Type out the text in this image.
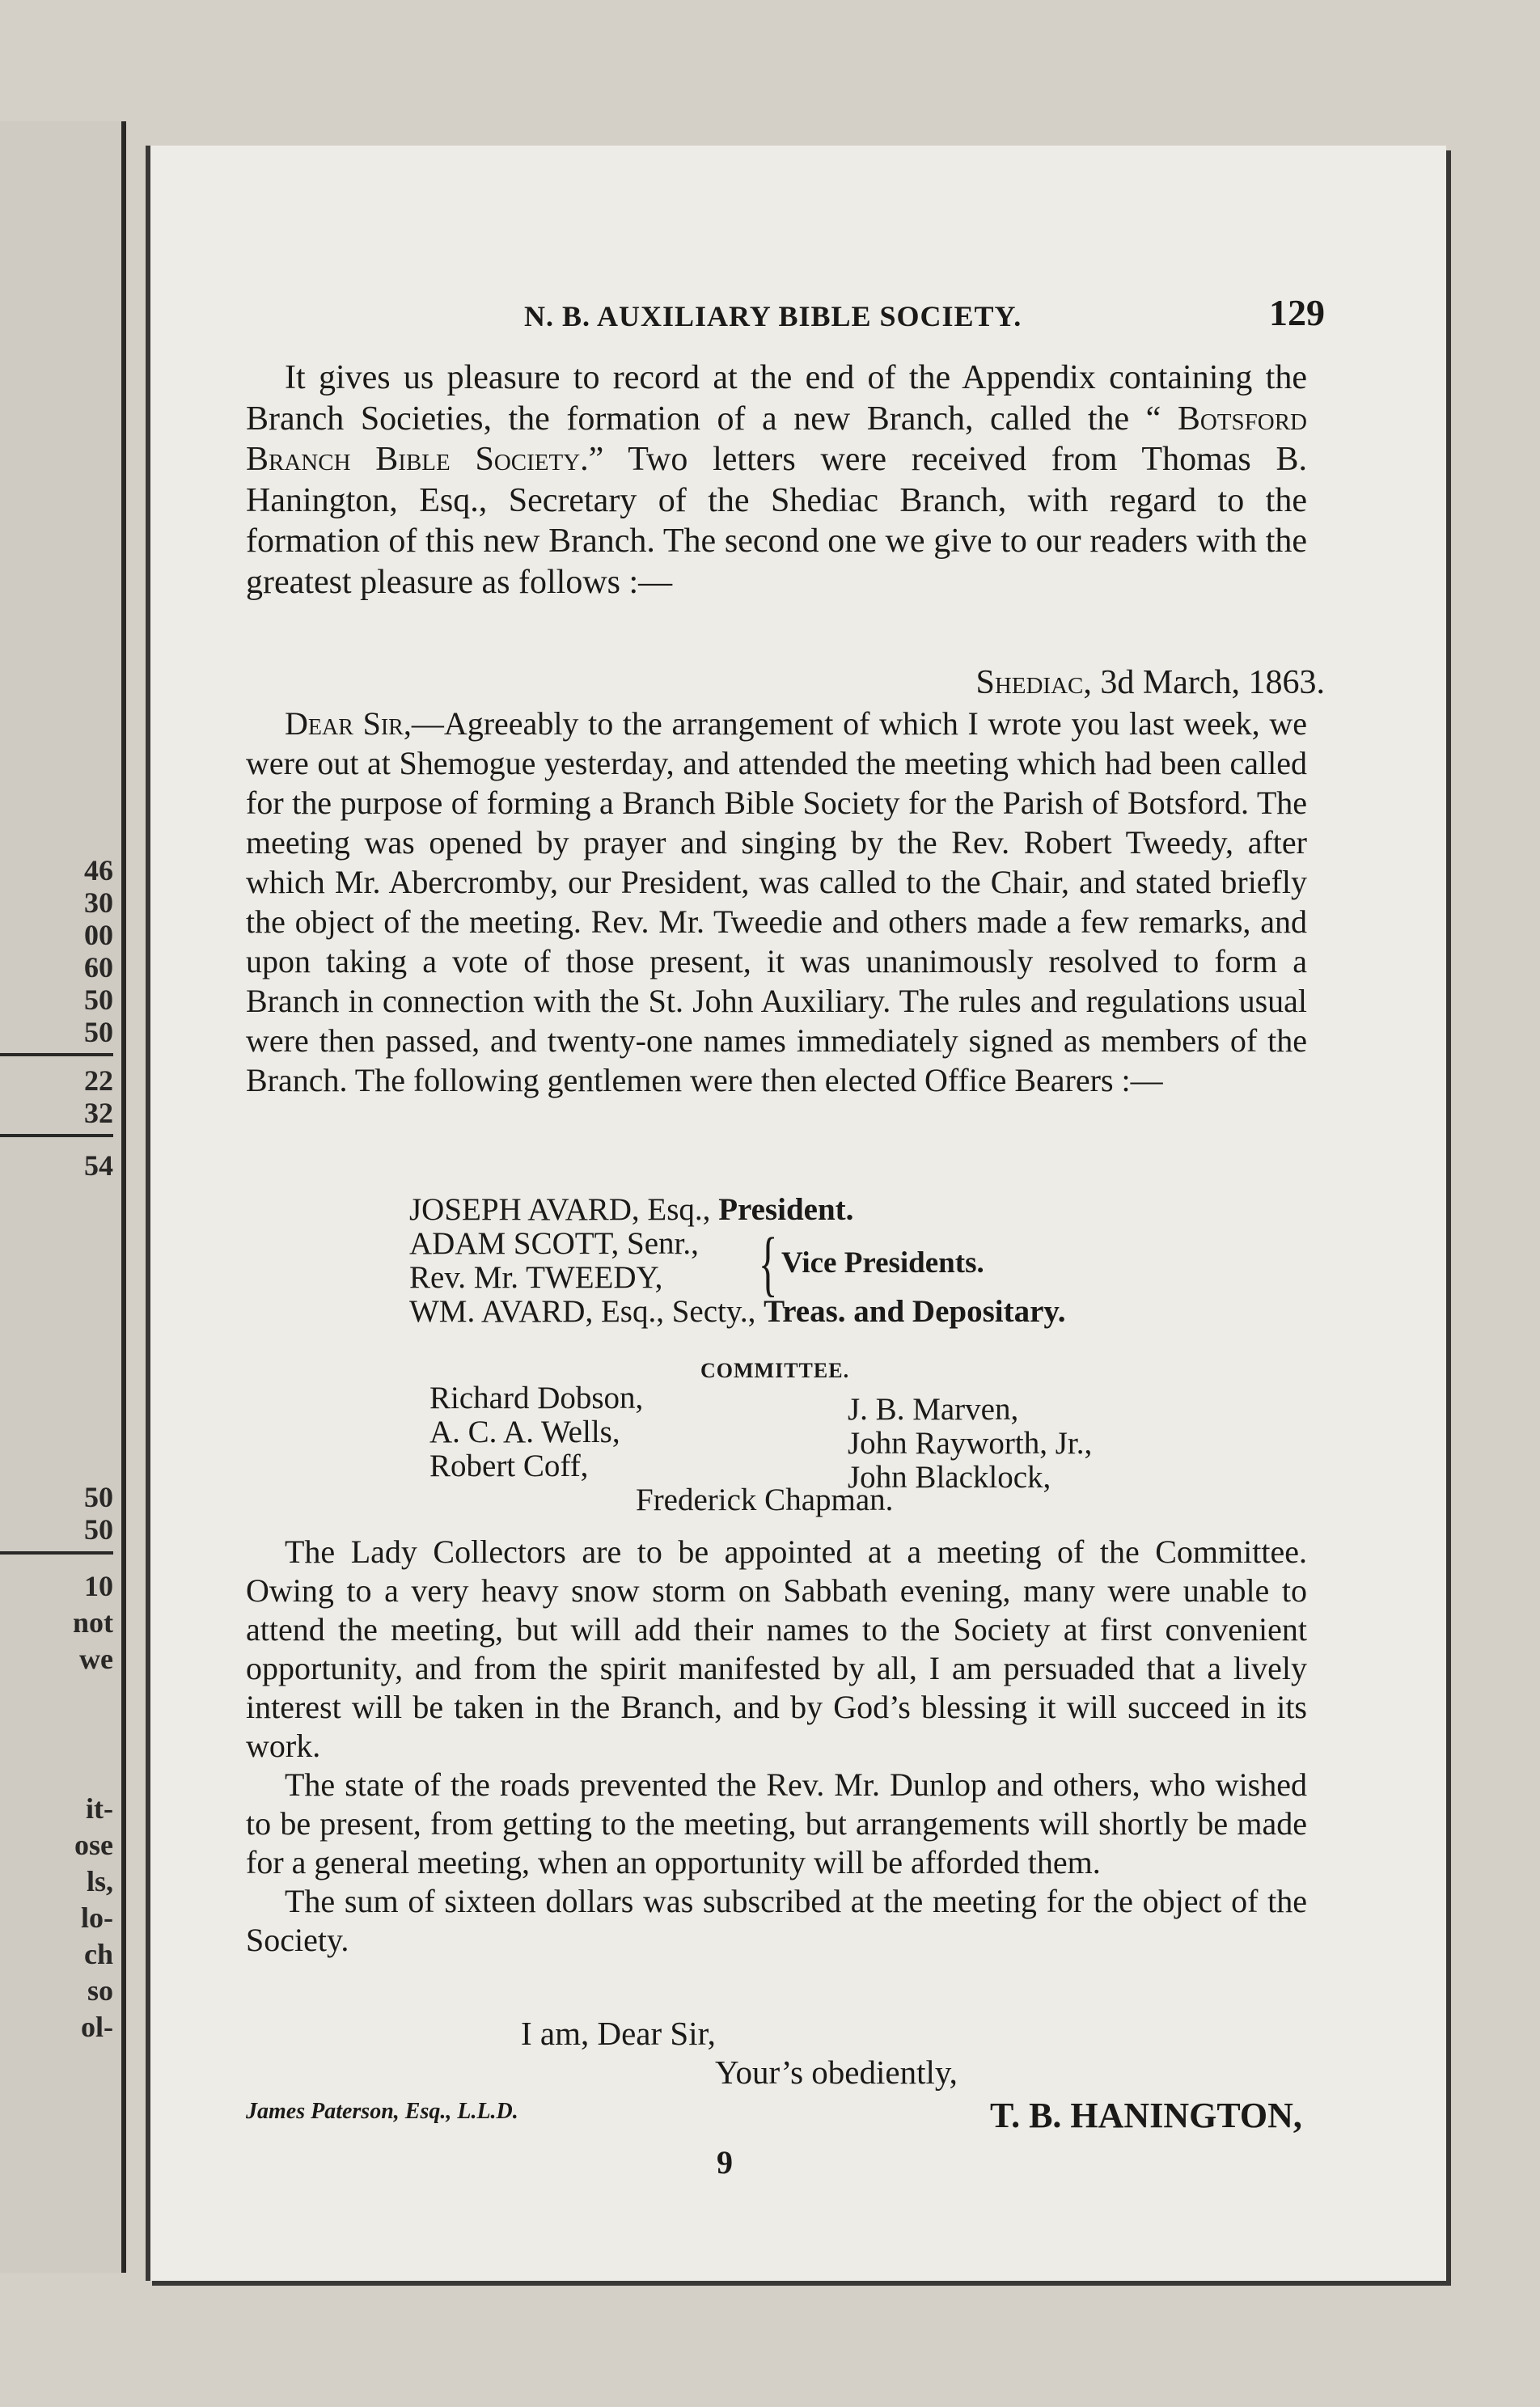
46

30

00

60

50

50

22

32

54

50

50

10

not

we

it-

ose

ls,

lo-

ch

so

ol-

N. B. AUXILIARY BIBLE SOCIETY.	129

It gives us pleasure to record at the end of the Appendix containing the Branch Societies, the formation of a new Branch, called the “ Botsford Branch Bible Society.” Two letters were received from Thomas B. Hanington, Esq., Secretary of the Shediac Branch, with regard to the formation of this new Branch. The second one we give to our readers with the greatest pleasure as follows :—

Shediac, 3d March, 1863.

Dear Sir,—Agreeably to the arrangement of which I wrote you last week, we were out at Shemogue yesterday, and attended the meeting which had been called for the purpose of forming a Branch Bible Society for the Parish of Botsford. The meeting was opened by prayer and singing by the Rev. Robert Tweedy, after which Mr. Abercromby, our President, was called to the Chair, and stated briefly the object of the meeting. Rev. Mr. Tweedie and others made a few remarks, and upon taking a vote of those present, it was unanimously resolved to form a Branch in connection with the St. John Auxiliary. The rules and regulations usual were then passed, and twenty-one names immediately signed as members of the Branch. The following gentlemen were then elected Office Bearers :—

JOSEPH AVARD, Esq., President.
ADAM SCOTT, Senr.,
Rev. Mr. TWEEDY,
WM. AVARD, Esq., Secty., Treas. and Depositary.
{ Vice Presidents.

COMMITTEE.

Richard Dobson,
A. C. A. Wells,
Robert Coff,
J. B. Marven,
John Rayworth, Jr.,
John Blacklock,

Frederick Chapman.

The Lady Collectors are to be appointed at a meeting of the Committee. Owing to a very heavy snow storm on Sabbath evening, many were unable to attend the meeting, but will add their names to the Society at first convenient opportunity, and from the spirit manifested by all, I am persuaded that a lively interest will be taken in the Branch, and by God’s blessing it will succeed in its work.

The state of the roads prevented the Rev. Mr. Dunlop and others, who wished to be present, from getting to the meeting, but arrangements will shortly be made for a general meeting, when an opportunity will be afforded them.

The sum of sixteen dollars was subscribed at the meeting for the object of the Society.

I am, Dear Sir,
Your’s obediently,
T. B. HANINGTON,

James Paterson, Esq., L.L.D.

9
